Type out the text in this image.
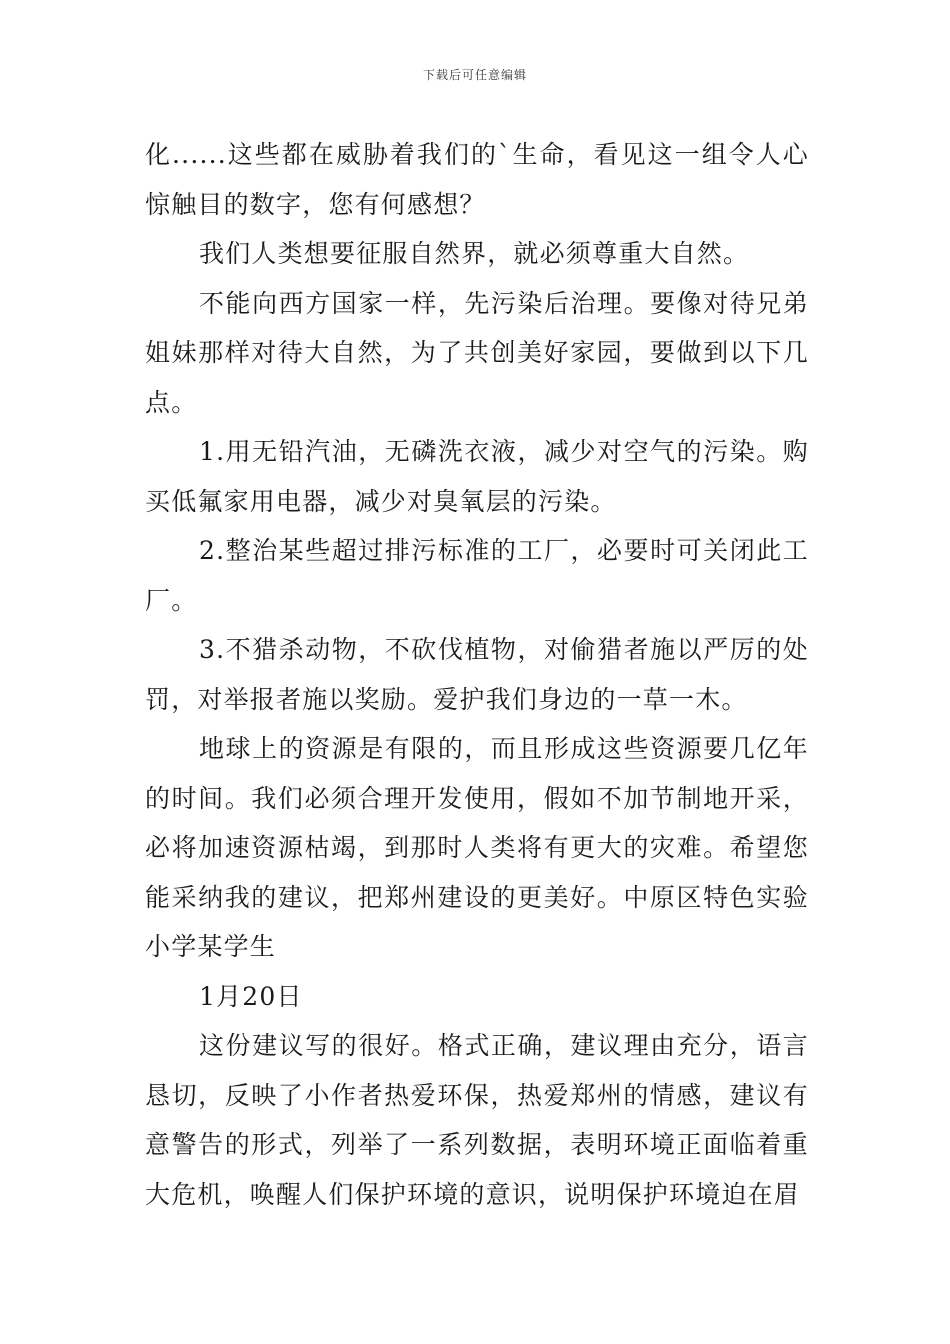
下载后可任意编辑

化......这些都在威胁着我们的`生命，看见这一组令人心惊触目的数字，您有何感想？

我们人类想要征服自然界，就必须尊重大自然。

不能向西方国家一样，先污染后治理。要像对待兄弟姐妹那样对待大自然，为了共创美好家园，要做到以下几点。

1.用无铅汽油，无磷洗衣液，减少对空气的污染。购买低氟家用电器，减少对臭氧层的污染。

2.整治某些超过排污标准的工厂，必要时可关闭此工厂。

3.不猎杀动物，不砍伐植物，对偷猎者施以严厉的处罚，对举报者施以奖励。爱护我们身边的一草一木。

地球上的资源是有限的，而且形成这些资源要几亿年的时间。我们必须合理开发使用，假如不加节制地开采，必将加速资源枯竭，到那时人类将有更大的灾难。希望您能采纳我的建议，把郑州建设的更美好。中原区特色实验小学某学生

1月20日

这份建议写的很好。格式正确，建议理由充分，语言恳切，反映了小作者热爱环保，热爱郑州的情感，建议有意警告的形式，列举了一系列数据，表明环境正面临着重大危机，唤醒人们保护环境的意识，说明保护环境迫在眉
